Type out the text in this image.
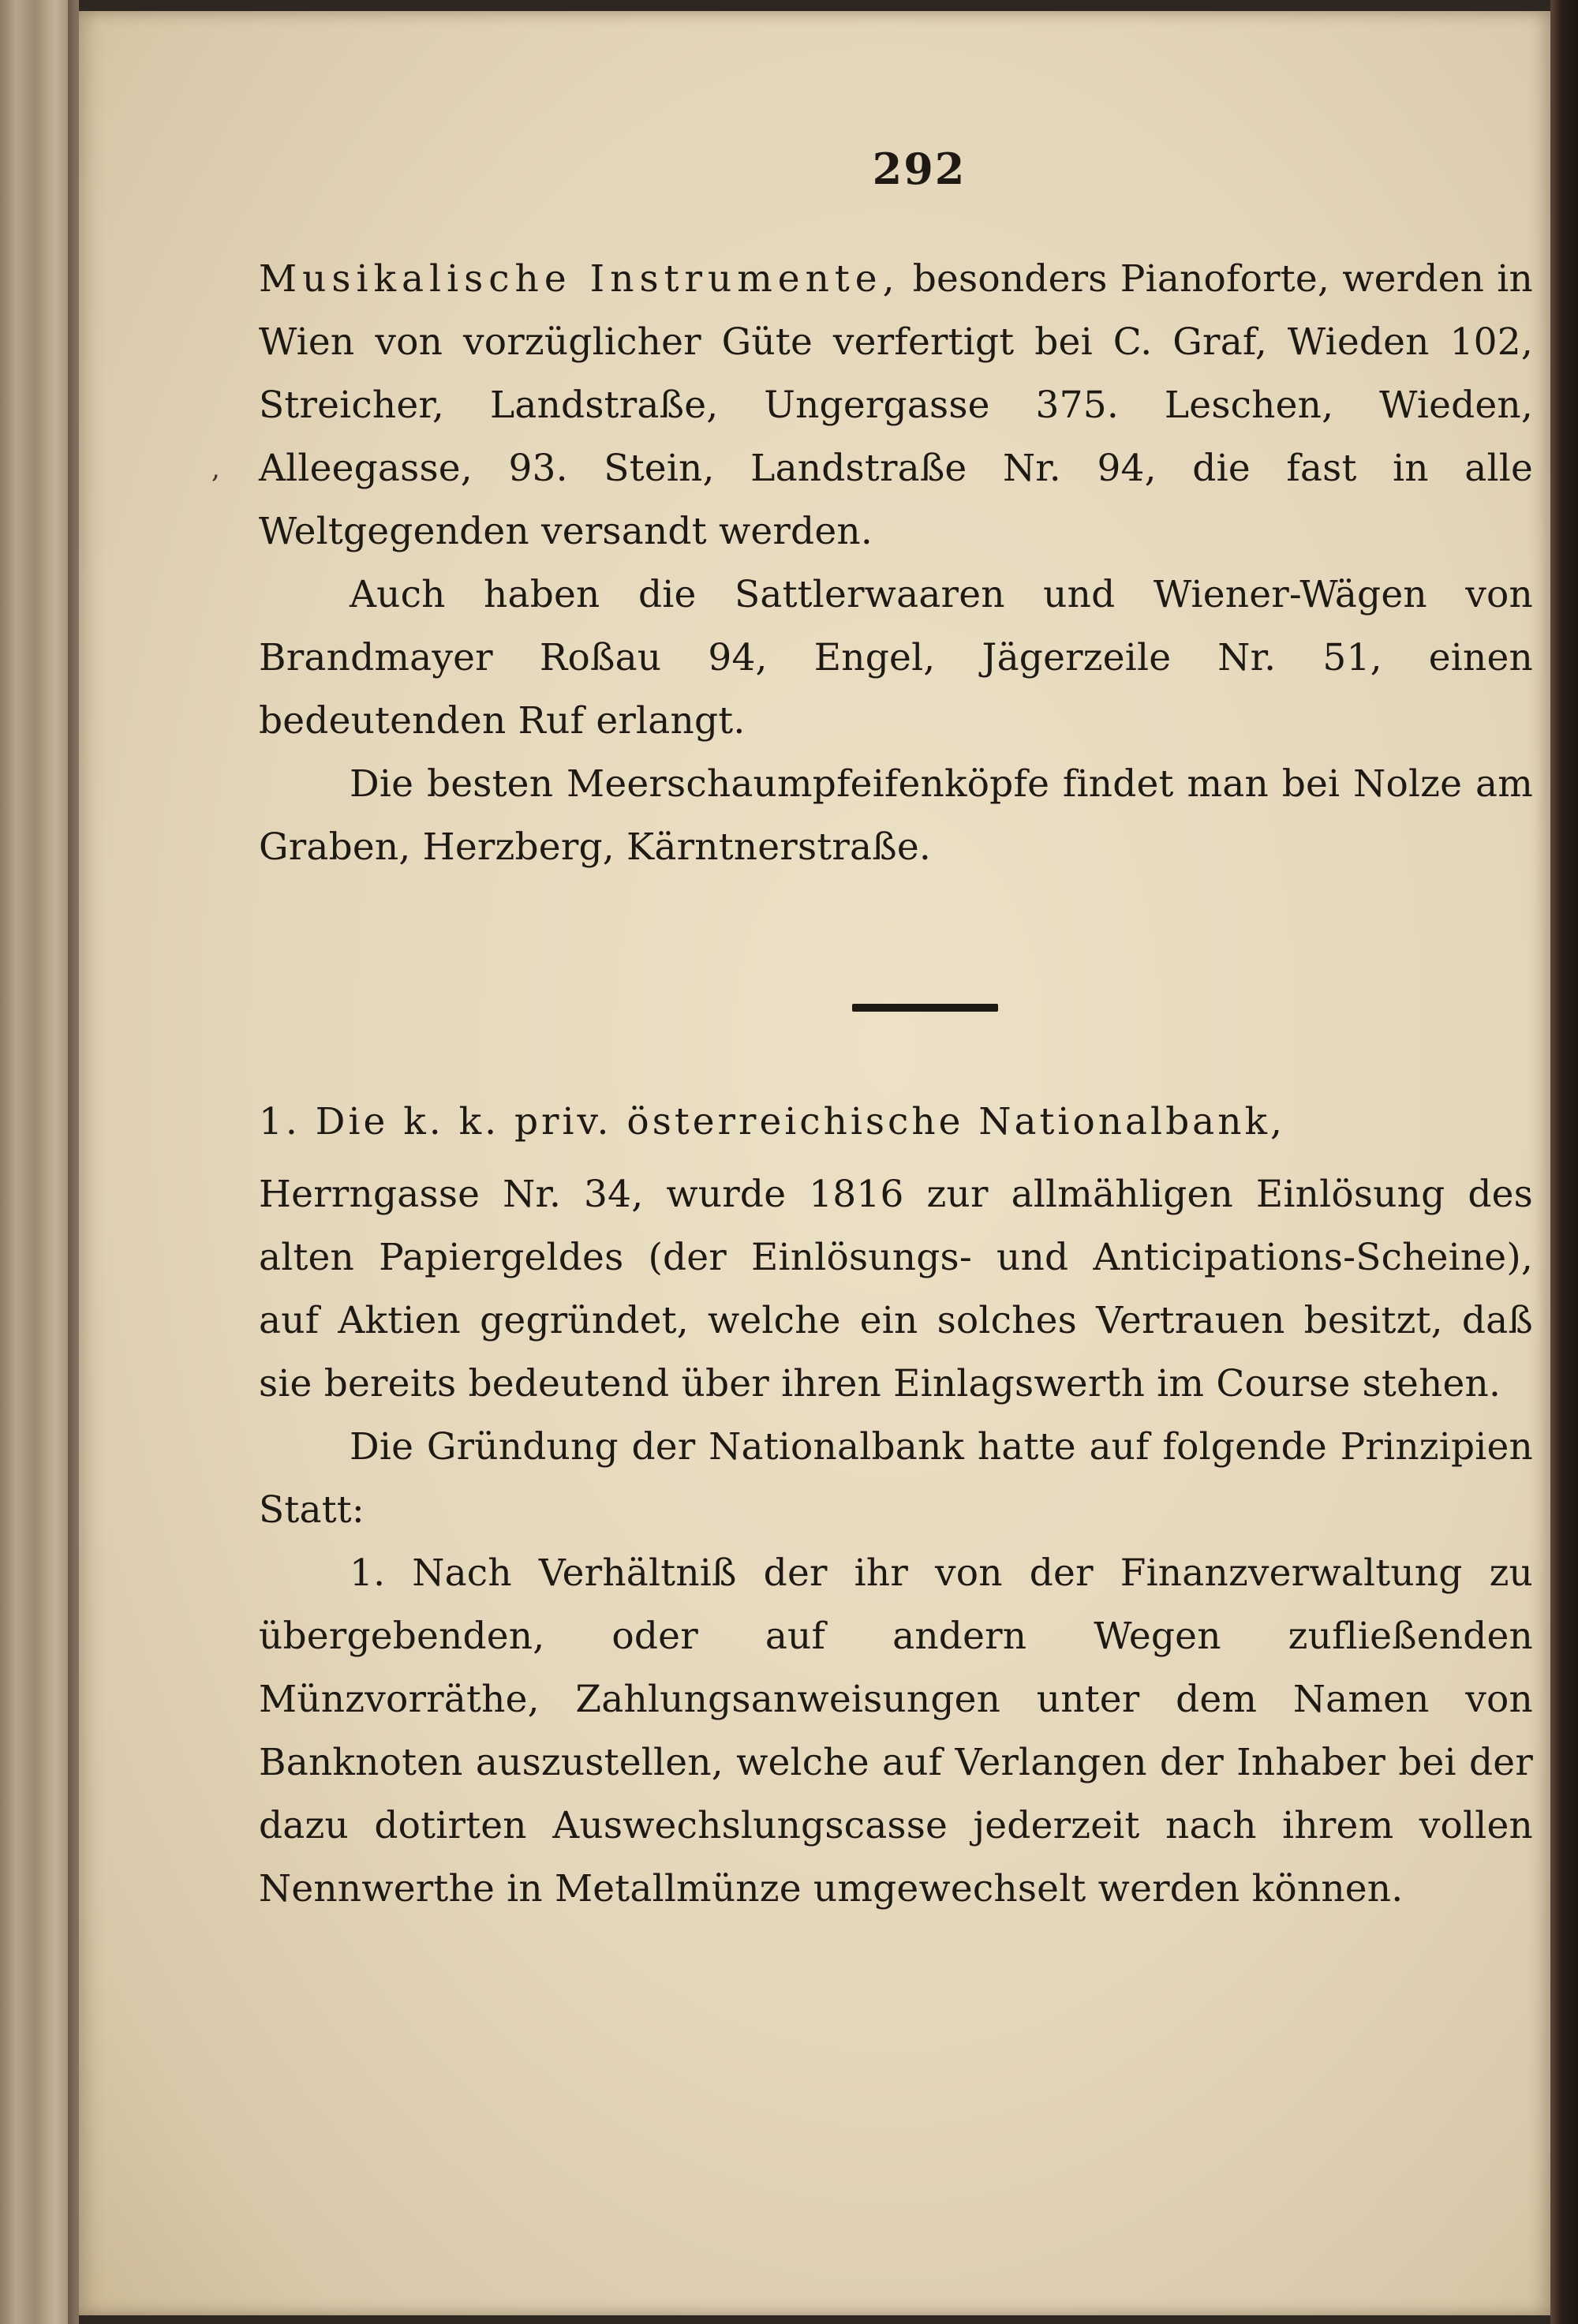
292
,

Musikalische Instrumente, besonders Pianoforte, werden in Wien von vorzüglicher Güte verfertigt bei C. Graf, Wieden 102, Streicher, Landstraße, Ungergasse 375. Leschen, Wieden, Alleegasse, 93. Stein, Landstraße Nr. 94, die fast in alle Weltgegenden versandt werden.

Auch haben die Sattlerwaaren und Wiener-Wägen von Brandmayer Roßau 94, Engel, Jägerzeile Nr. 51, einen bedeutenden Ruf erlangt.

Die besten Meerschaumpfeifenköpfe findet man bei Nolze am Graben, Herzberg, Kärntnerstraße.

1. Die k. k. priv. österreichische Nationalbank,

Herrngasse Nr. 34, wurde 1816 zur allmähligen Einlösung des alten Papiergeldes (der Einlösungs- und Anticipations-Scheine), auf Aktien gegründet, welche ein solches Vertrauen besitzt, daß sie bereits bedeutend über ihren Einlagswerth im Course stehen.

Die Gründung der Nationalbank hatte auf folgende Prinzipien Statt:

1. Nach Verhältniß der ihr von der Finanzverwaltung zu übergebenden, oder auf andern Wegen zufließenden Münzvorräthe, Zahlungsanweisungen unter dem Namen von Banknoten auszustellen, welche auf Verlangen der Inhaber bei der dazu dotirten Auswechslungscasse jederzeit nach ihrem vollen Nennwerthe in Metallmünze umgewechselt werden können.
